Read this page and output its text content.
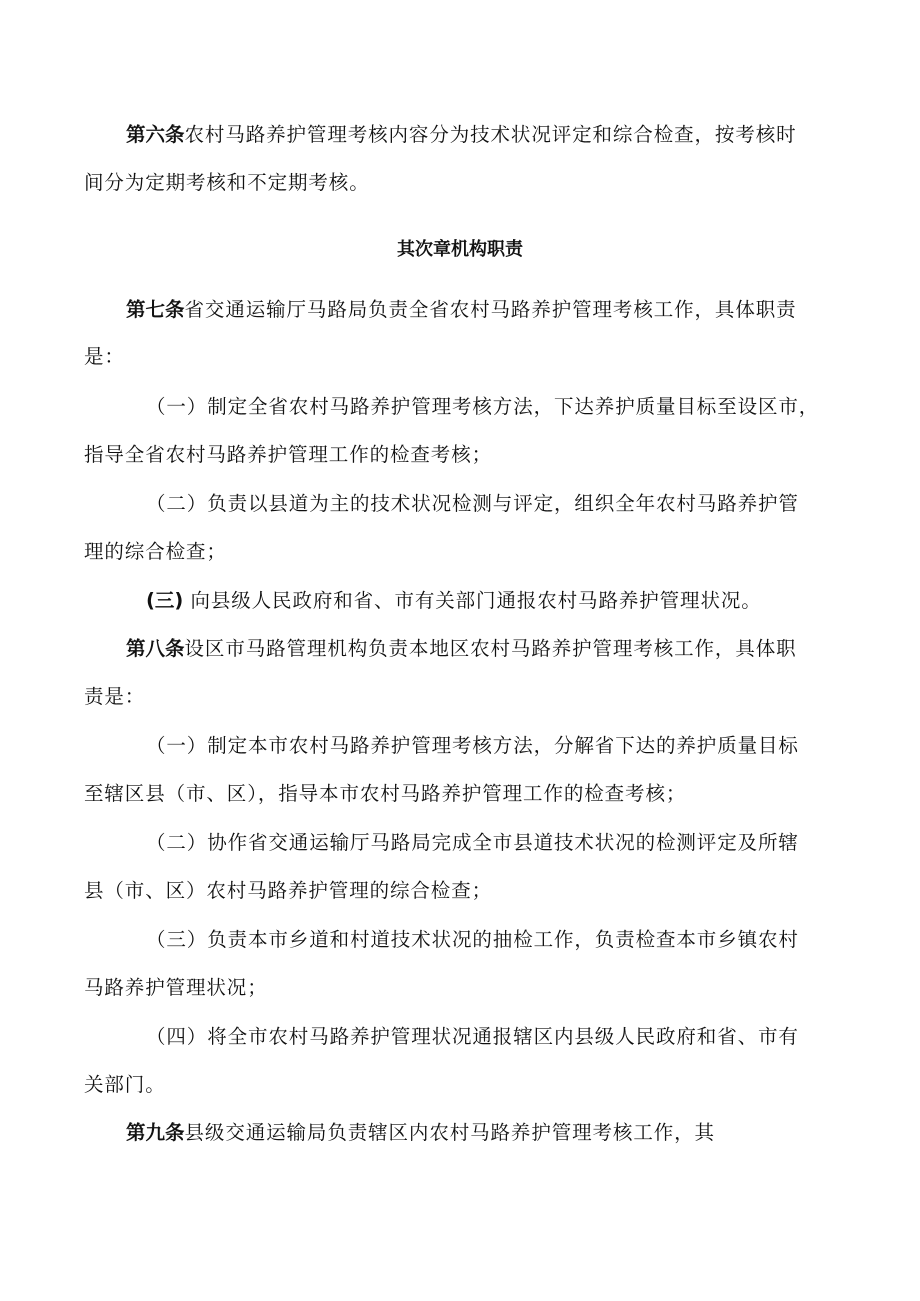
第六条农村马路养护管理考核内容分为技术状况评定和综合检查，按考核时
间分为定期考核和不定期考核。
其次章机构职责
第七条省交通运输厅马路局负责全省农村马路养护管理考核工作，具体职责
是：
（一）制定全省农村马路养护管理考核方法，下达养护质量目标至设区市，
指导全省农村马路养护管理工作的检查考核；
（二）负责以县道为主的技术状况检测与评定，组织全年农村马路养护管
理的综合检查；
(三) 向县级人民政府和省、市有关部门通报农村马路养护管理状况。
第八条设区市马路管理机构负责本地区农村马路养护管理考核工作，具体职
责是：
（一）制定本市农村马路养护管理考核方法，分解省下达的养护质量目标
至辖区县（市、区），指导本市农村马路养护管理工作的检查考核；
（二）协作省交通运输厅马路局完成全市县道技术状况的检测评定及所辖
县（市、区）农村马路养护管理的综合检查；
（三）负责本市乡道和村道技术状况的抽检工作，负责检查本市乡镇农村
马路养护管理状况；
（四）将全市农村马路养护管理状况通报辖区内县级人民政府和省、市有
关部门。
第九条县级交通运输局负责辖区内农村马路养护管理考核工作，其
